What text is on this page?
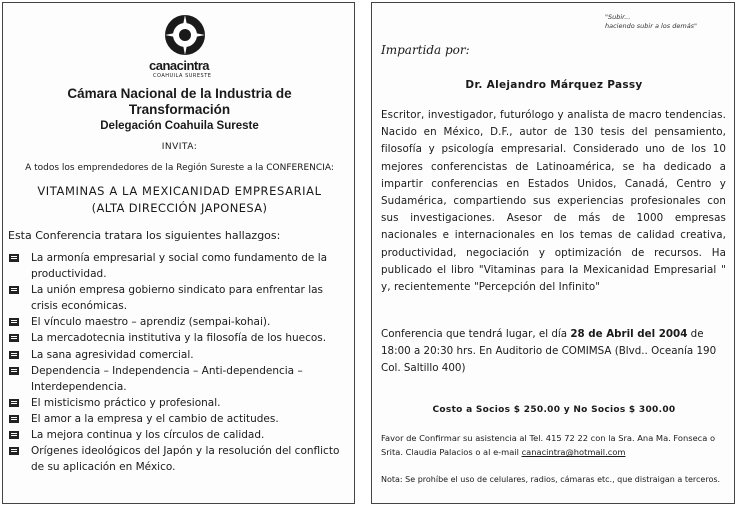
canacintra
COAHUILA SURESTE
Cámara Nacional de la Industria de
Transformación
Delegación Coahuila Sureste
INVITA:
A todos los emprendedores de la Región Sureste a la CONFERENCIA:
VITAMINAS A LA MEXICANIDAD EMPRESARIAL
(ALTA DIRECCIÓN JAPONESA)
Esta Conferencia tratara los siguientes hallazgos:
La armonía empresarial y social como fundamento de la productividad.
La unión empresa gobierno sindicato para enfrentar las crisis económicas.
El vínculo maestro – aprendiz (sempai-kohai).
La mercadotecnia institutiva y la filosofía de los huecos.
La sana agresividad comercial.
Dependencia – Independencia – Anti-dependencia – Interdependencia.
El misticismo práctico y profesional.
El amor a la empresa y el cambio de actitudes.
La mejora continua y los círculos de calidad.
Orígenes ideológicos del Japón y la resolución del conflicto de su aplicación en México.
"Subir...
haciendo subir a los demás"
Impartida por:
Dr. Alejandro Márquez Passy
Escritor, investigador, futurólogo y analista de macro tendencias. Nacido en México, D.F., autor de 130 tesis del pensamiento, filosofía y psicología empresarial. Considerado uno de los 10 mejores conferencistas de Latinoamérica, se ha dedicado a impartir conferencias en Estados Unidos, Canadá, Centro y Sudamérica, compartiendo sus experiencias profesionales con sus investigaciones. Asesor de más de 1000 empresas nacionales e internacionales en los temas de calidad creativa, productividad, negociación y optimización de recursos. Ha publicado el libro "Vitaminas para la Mexicanidad Empresarial " y, recientemente "Percepción del Infinito"
Conferencia que tendrá lugar, el día 28 de Abril del 2004 de 18:00 a 20:30 hrs. En Auditorio de COMIMSA (Blvd.. Oceanía 190 Col. Saltillo 400)
Costo a Socios $ 250.00 y No Socios $ 300.00
Favor de Confirmar su asistencia al Tel. 415 72 22 con la Sra. Ana Ma. Fonseca o Srita. Claudia Palacios o al e-mail canacintra@hotmail.com
Nota: Se prohíbe el uso de celulares, radios, cámaras etc., que distraigan a terceros.
